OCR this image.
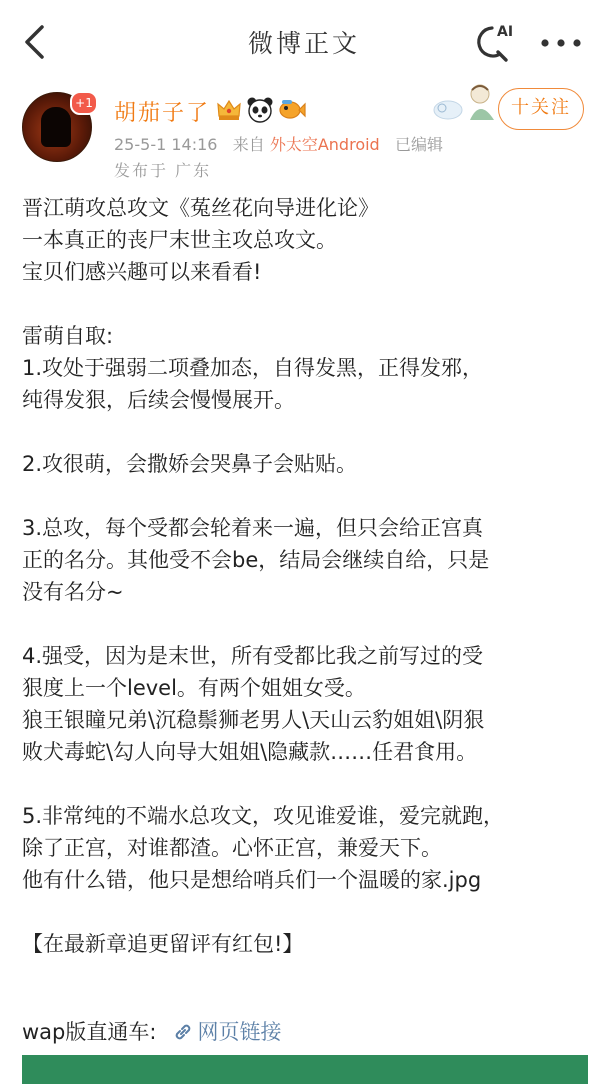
微博正文	AI
+1 胡茄子了
25-5-1 14:16 来自 外太空Android 已编辑
发布于 广东
十关注

晋江萌攻总攻文《菟丝花向导进化论》

一本真正的丧尸末世主攻总攻文。

宝贝们感兴趣可以来看看!

雷萌自取:

1.攻处于强弱二项叠加态，自得发黑，正得发邪，

纯得发狠，后续会慢慢展开。

2.攻很萌，会撒娇会哭鼻子会贴贴。

3.总攻，每个受都会轮着来一遍，但只会给正宫真

正的名分。其他受不会be，结局会继续自给，只是

没有名分~

4.强受，因为是末世，所有受都比我之前写过的受

狠度上一个level。有两个姐姐女受。

狼王银瞳兄弟\沉稳鬃狮老男人\天山云豹姐姐\阴狠

败犬毒蛇\勾人向导大姐姐\隐藏款……任君食用。

5.非常纯的不端水总攻文，攻见谁爱谁，爱完就跑，

除了正宫，对谁都渣。心怀正宫，兼爱天下。

他有什么错，他只是想给哨兵们一个温暖的家.jpg

【在最新章追更留评有红包!】

wap版直通车: 网页链接
